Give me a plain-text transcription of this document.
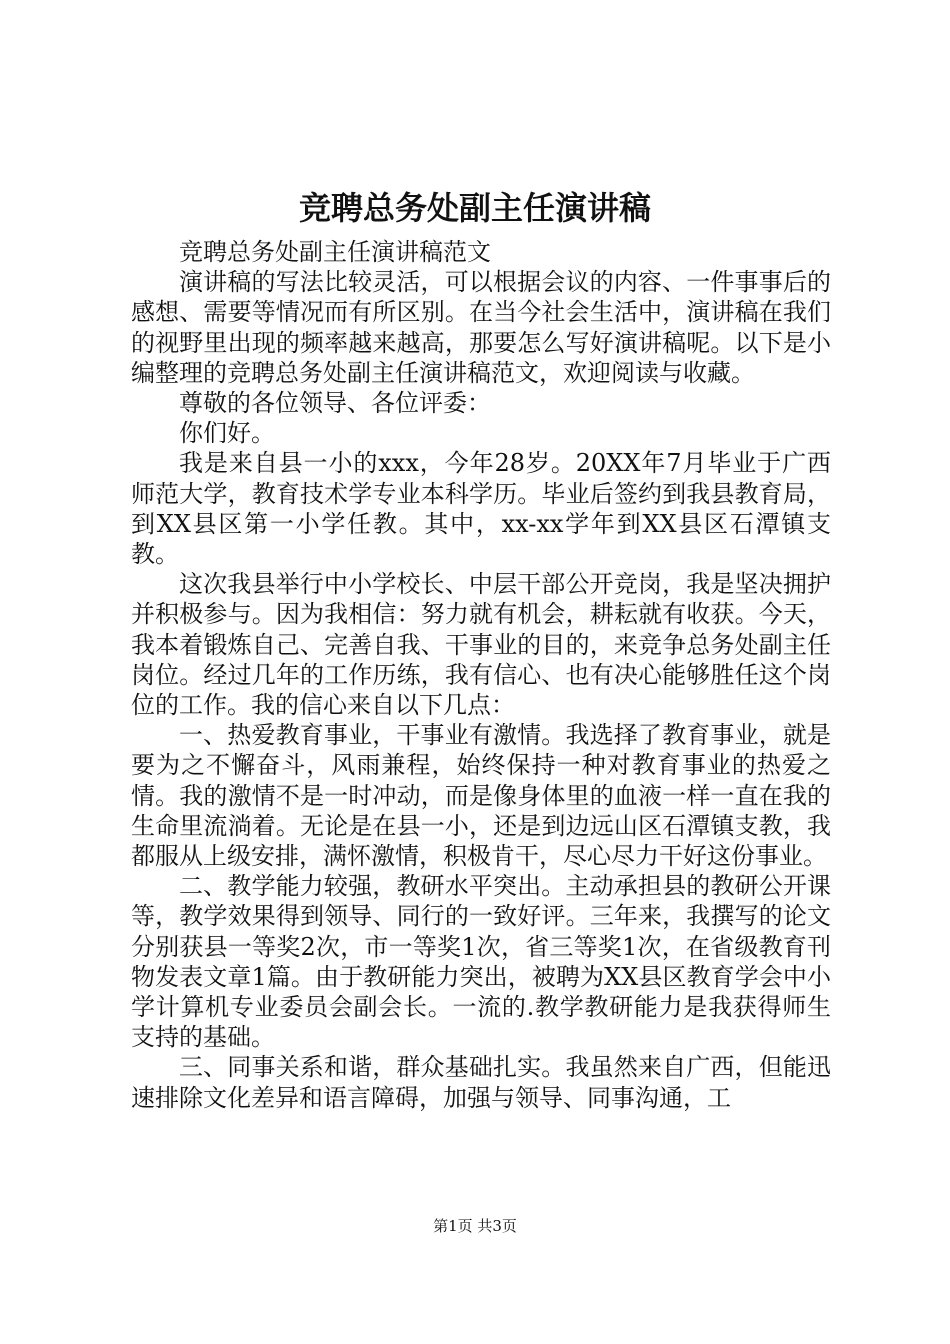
竞聘总务处副主任演讲稿

竞聘总务处副主任演讲稿范文

演讲稿的写法比较灵活，可以根据会议的内容、一件事事后的感想、需要等情况而有所区别。在当今社会生活中，演讲稿在我们的视野里出现的频率越来越高，那要怎么写好演讲稿呢。以下是小编整理的竞聘总务处副主任演讲稿范文，欢迎阅读与收藏。

尊敬的各位领导、各位评委：

你们好。

我是来自县一小的xxx，今年28岁。20XX年7月毕业于广西师范大学，教育技术学专业本科学历。毕业后签约到我县教育局，到XX县区第一小学任教。其中，xx-xx学年到XX县区石潭镇支教。

这次我县举行中小学校长、中层干部公开竞岗，我是坚决拥护并积极参与。因为我相信：努力就有机会，耕耘就有收获。今天，我本着锻炼自己、完善自我、干事业的目的，来竞争总务处副主任岗位。经过几年的工作历练，我有信心、也有决心能够胜任这个岗位的工作。我的信心来自以下几点：

一、热爱教育事业，干事业有激情。我选择了教育事业，就是要为之不懈奋斗，风雨兼程，始终保持一种对教育事业的热爱之情。我的激情不是一时冲动，而是像身体里的血液一样一直在我的生命里流淌着。无论是在县一小，还是到边远山区石潭镇支教，我都服从上级安排，满怀激情，积极肯干，尽心尽力干好这份事业。

二、教学能力较强，教研水平突出。主动承担县的教研公开课等，教学效果得到领导、同行的一致好评。三年来，我撰写的论文分别获县一等奖2次，市一等奖1次，省三等奖1次，在省级教育刊物发表文章1篇。由于教研能力突出，被聘为XX县区教育学会中小学计算机专业委员会副会长。一流的.教学教研能力是我获得师生支持的基础。

三、同事关系和谐，群众基础扎实。我虽然来自广西，但能迅速排除文化差异和语言障碍，加强与领导、同事沟通，工

第1页 共3页
